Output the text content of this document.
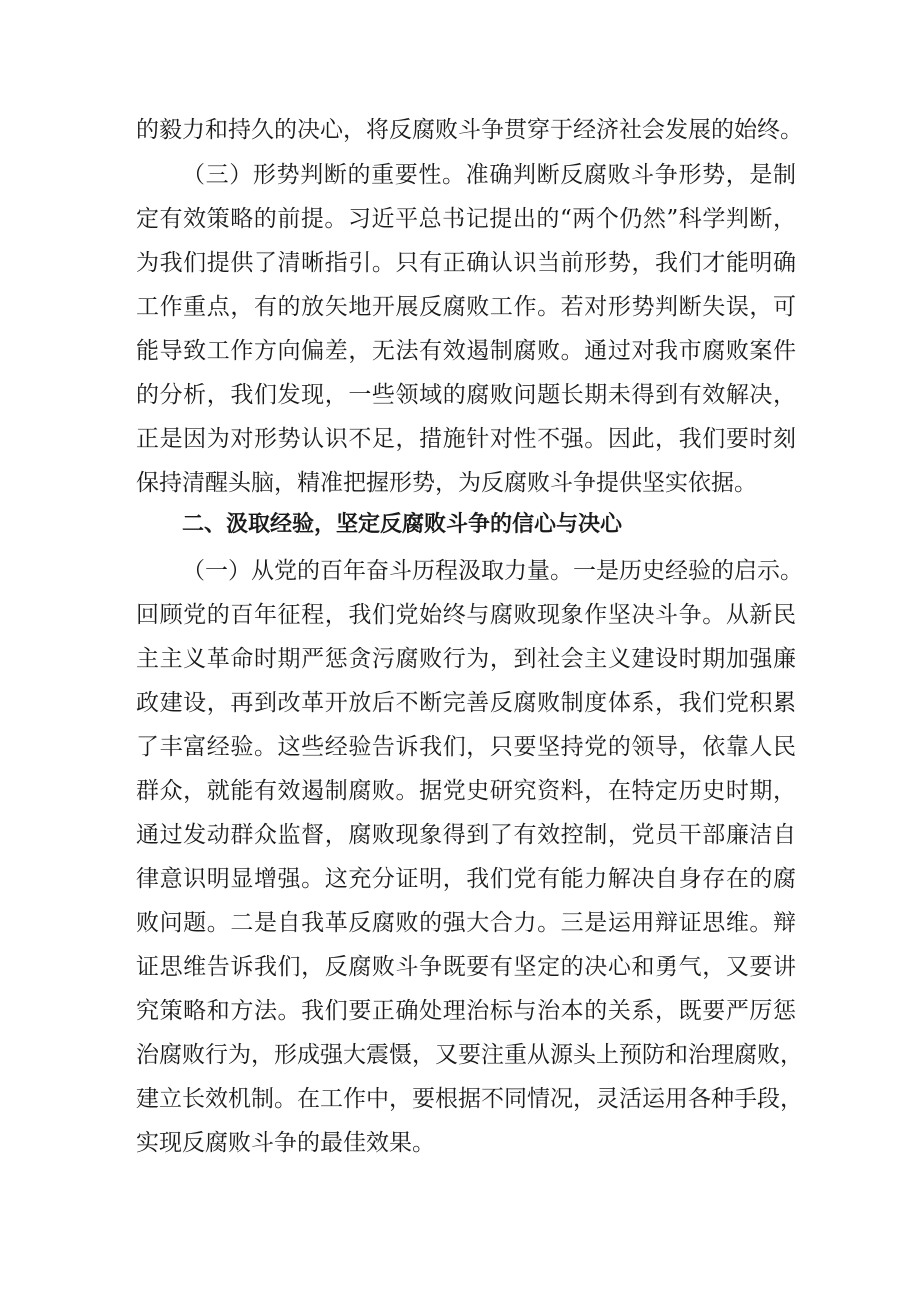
的毅力和持久的决心，将反腐败斗争贯穿于经济社会发展的始终。
（三）形势判断的重要性。准确判断反腐败斗争形势，是制
定有效策略的前提。习近平总书记提出的“两个仍然”科学判断，
为我们提供了清晰指引。只有正确认识当前形势，我们才能明确
工作重点，有的放矢地开展反腐败工作。若对形势判断失误，可
能导致工作方向偏差，无法有效遏制腐败。通过对我市腐败案件
的分析，我们发现，一些领域的腐败问题长期未得到有效解决，
正是因为对形势认识不足，措施针对性不强。因此，我们要时刻
保持清醒头脑，精准把握形势，为反腐败斗争提供坚实依据。
二、汲取经验，坚定反腐败斗争的信心与决心
（一）从党的百年奋斗历程汲取力量。一是历史经验的启示。
回顾党的百年征程，我们党始终与腐败现象作坚决斗争。从新民
主主义革命时期严惩贪污腐败行为，到社会主义建设时期加强廉
政建设，再到改革开放后不断完善反腐败制度体系，我们党积累
了丰富经验。这些经验告诉我们，只要坚持党的领导，依靠人民
群众，就能有效遏制腐败。据党史研究资料，在特定历史时期，
通过发动群众监督，腐败现象得到了有效控制，党员干部廉洁自
律意识明显增强。这充分证明，我们党有能力解决自身存在的腐
败问题。二是自我革反腐败的强大合力。三是运用辩证思维。辩
证思维告诉我们，反腐败斗争既要有坚定的决心和勇气，又要讲
究策略和方法。我们要正确处理治标与治本的关系，既要严厉惩
治腐败行为，形成强大震慑，又要注重从源头上预防和治理腐败，
建立长效机制。在工作中，要根据不同情况，灵活运用各种手段，
实现反腐败斗争的最佳效果。
